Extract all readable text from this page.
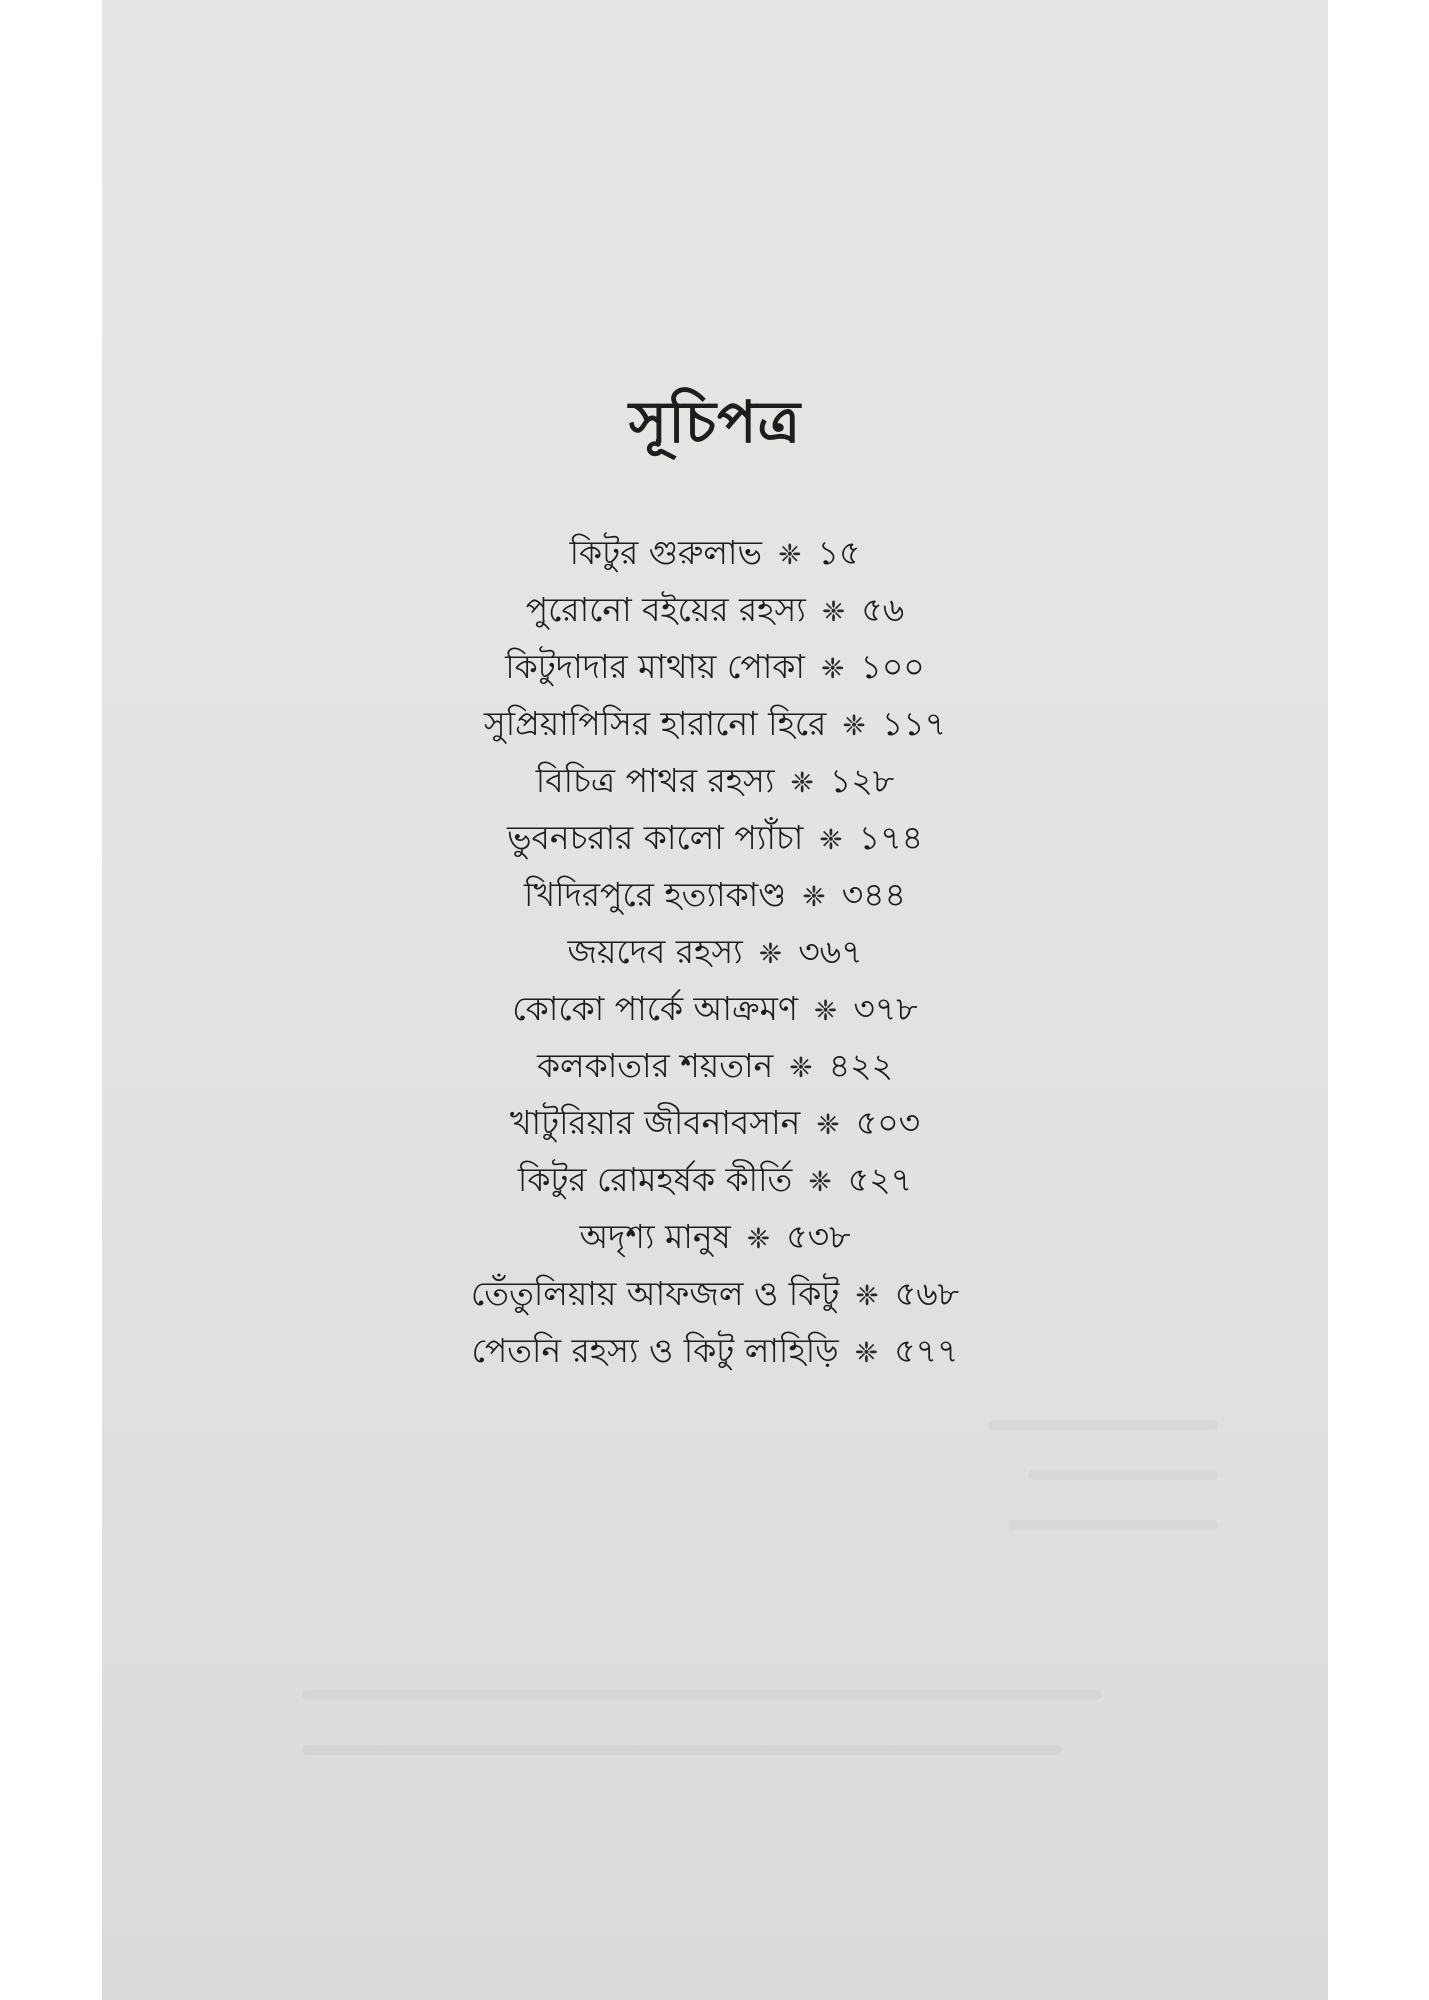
সূচিপত্র
কিটুর গুরুলাভ ❈ ১৫
পুরোনো বইয়ের রহস্য ❈ ৫৬
কিটুদাদার মাথায় পোকা ❈ ১০০
সুপ্রিয়াপিসির হারানো হিরে ❈ ১১৭
বিচিত্র পাথর রহস্য ❈ ১২৮
ভুবনচরার কালো প্যাঁচা ❈ ১৭৪
খিদিরপুরে হত্যাকাণ্ড ❈ ৩৪৪
জয়দেব রহস্য ❈ ৩৬৭
কোকো পার্কে আক্রমণ ❈ ৩৭৮
কলকাতার শয়তান ❈ ৪২২
খাটুরিয়ার জীবনাবসান ❈ ৫০৩
কিটুর রোমহর্ষক কীর্তি ❈ ৫২৭
অদৃশ্য মানুষ ❈ ৫৩৮
তেঁতুলিয়ায় আফজল ও কিটু ❈ ৫৬৮
পেতনি রহস্য ও কিটু লাহিড়ি ❈ ৫৭৭
